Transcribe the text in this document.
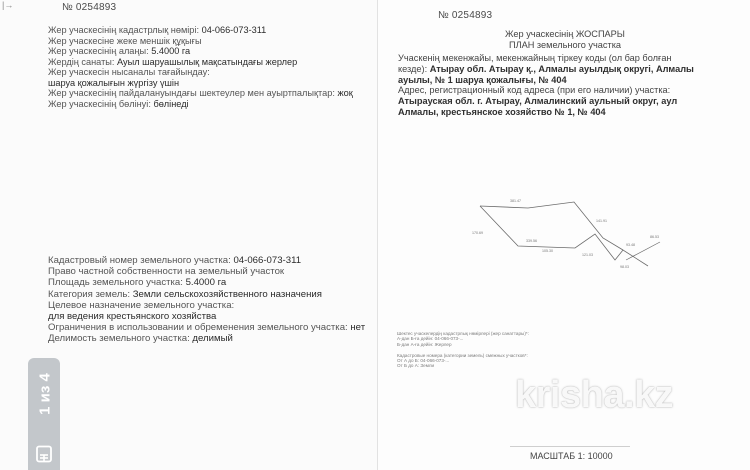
|→	№ 0254893
Жер учаскесінің кадастрлық нөмірі: 04-066-073-311
Жер учаскесіне жеке меншік құқығы
Жер учаскесінің алаңы: 5.4000 га
Жердің санаты: Ауыл шаруашылық мақсатындағы жерлер
Жер учаскесін нысаналы тағайындау:
шаруа қожалығын жүргізу үшін
Жер учаскесінің пайдалануындағы шектеулер мен ауыртпалықтар: жоқ
Жер учаскесінің бөлінуі: бөлінеді
Кадастровый номер земельного участка: 04-066-073-311
Право частной собственности на земельный участок
Площадь земельного участка: 5.4000 га
Категория земель: Земли сельскохозяйственного назначения
Целевое назначение земельного участка:
для ведения крестьянского хозяйства
Ограничения в использовании и обременения земельного участка: нет
Делимость земельного участка: делимый
№ 0254893
Жер учаскесінің ЖОСПАРЫ
ПЛАН земельного участка
Учаскенің мекенжайы, мекенжайның тіркеу коды (ол бар болған кезде): Атырау обл. Атырау қ., Алмалы ауылдық округі, Алмалы ауылы, № 1 шаруа қожалығы, № 404
Адрес, регистрационный код адреса (при его наличии) участка: Атырауская обл. г. Атырау, Алмалинский аульный округ, аул Алмалы, крестьянское хозяйство № 1, № 404
381.47
170.69
339.56
105.30
141.91
93.48
121.03
98.03
86.53
Шектес учаскелердің кадастрлық нөмірлері (жер санаттары)*:
А-дан Б-ға дейін: 04-066-073-...
Б-дан А-ға дейін: Жерлер
Кадастровые номера (категории земель) смежных участков*:
От А до Б: 04-066-073-...
От Б до А: Земли
МАСШТАБ 1: 10000
1 из 4	krisha.kz
